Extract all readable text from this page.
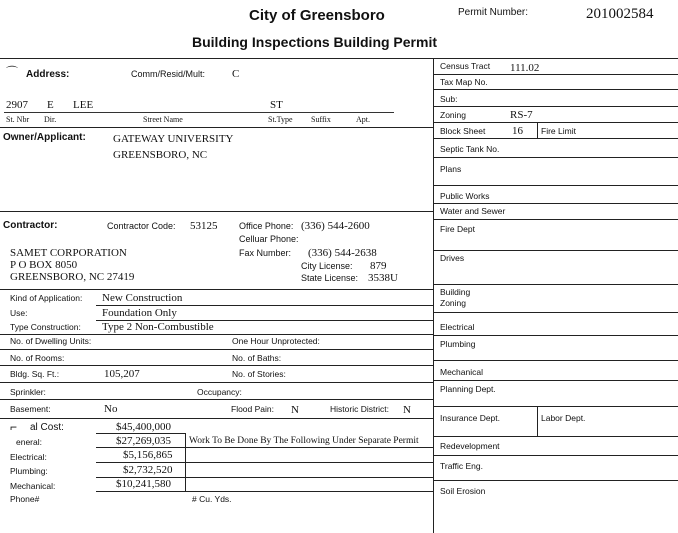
City of Greensboro	Permit Number:	201002584
Building Inspections Building Permit
⌒ Address:	Comm/Resid/Mult: C
2907 E LEE	ST
St. Nbr Dir.	Street Name	St.Type Suffix	Apt.
Owner/Applicant: GATEWAY UNIVERSITY
GREENSBORO, NC
Contractor:	Contractor Code: 53125 Office Phone: (336) 544-2600
Celluar Phone:
Fax Number: (336) 544-2638
City License: 879
State License: 3538U
SAMET CORPORATION
P O BOX 8050
GREENSBORO, NC 27419
Kind of Application: New Construction
Use:	Foundation Only
Type Construction: Type 2 Non-Combustible
No. of Dwelling Units:	One Hour Unprotected:
No. of Rooms:	No. of Baths:
Bldg. Sq. Ft.:	105,207	No. of Stories:
Sprinkler:	Occupancy:
Basement:	No	Flood Pain: N	Historic District: N
⌐ al Cost:	$45,400,000
eneral:	$27,269,035 Work To Be Done By The Following Under Separate Permit
Electrical:	$5,156,865
Plumbing:	$2,732,520
Mechanical:	$10,241,580
Phone#	# Cu. Yds.
Census Tract 111.02
Tax Map No.
Sub:
Zoning	RS-7
Block Sheet 16 Fire Limit
Septic Tank No.
Plans
Public Works
Water and Sewer
Fire Dept
Drives
Building
Zoning
Electrical
Plumbing
Mechanical
Planning Dept.
Insurance Dept.	Labor Dept.
Redevelopment
Traffic Eng.
Soil Erosion
